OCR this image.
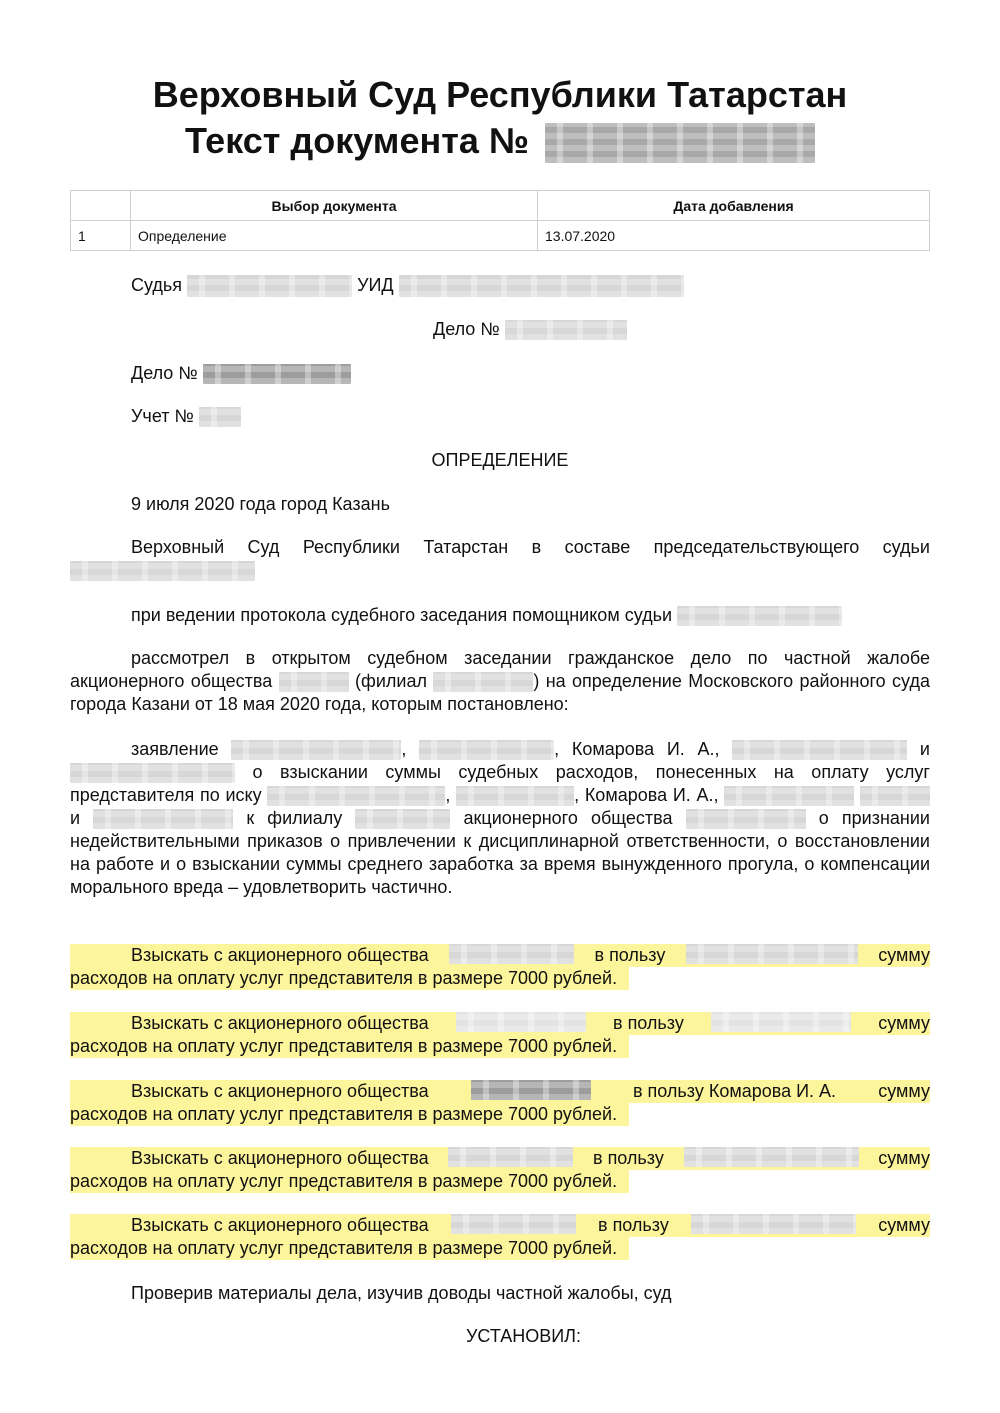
Верховный Суд Республики Татарстан
Текст документа №
	Выбор документа	Дата добавления
1	Определение	13.07.2020
Судья	УИД
Дело №
Дело №
Учет №
ОПРЕДЕЛЕНИЕ
9 июля 2020 года город Казань
Верховный Суд Республики Татарстан в составе председательствующего судьи
при ведении протокола судебного заседания помощником судьи
рассмотрел в открытом судебном заседании гражданское дело по частной жалобе акционерного общества	(филиал	) на определение Московского районного суда города Казани от 18 мая 2020 года, которым постановлено:
заявление	,	, Комарова И. А.,	и  о взыскании суммы судебных расходов, понесенных на оплату услуг представителя по иску	,	, Комарова И. А.,   и	к филиалу	акционерного общества	о признании недействительными приказов о привлечении к дисциплинарной ответственности, о восстановлении на работе и о взыскании суммы среднего заработка за время вынужденного прогула, о компенсации морального вреда – удовлетворить частично.
Взыскать с акционерного общества	в пользу	сумму
расходов на оплату услуг представителя в размере 7000 рублей.
Взыскать с акционерного общества	в пользу	сумму
расходов на оплату услуг представителя в размере 7000 рублей.
Взыскать с акционерного общества	в пользу Комарова И. А. сумму
расходов на оплату услуг представителя в размере 7000 рублей.
Взыскать с акционерного общества	в пользу	сумму
расходов на оплату услуг представителя в размере 7000 рублей.
Взыскать с акционерного общества	в пользу	сумму
расходов на оплату услуг представителя в размере 7000 рублей.
Проверив материалы дела, изучив доводы частной жалобы, суд
УСТАНОВИЛ:
